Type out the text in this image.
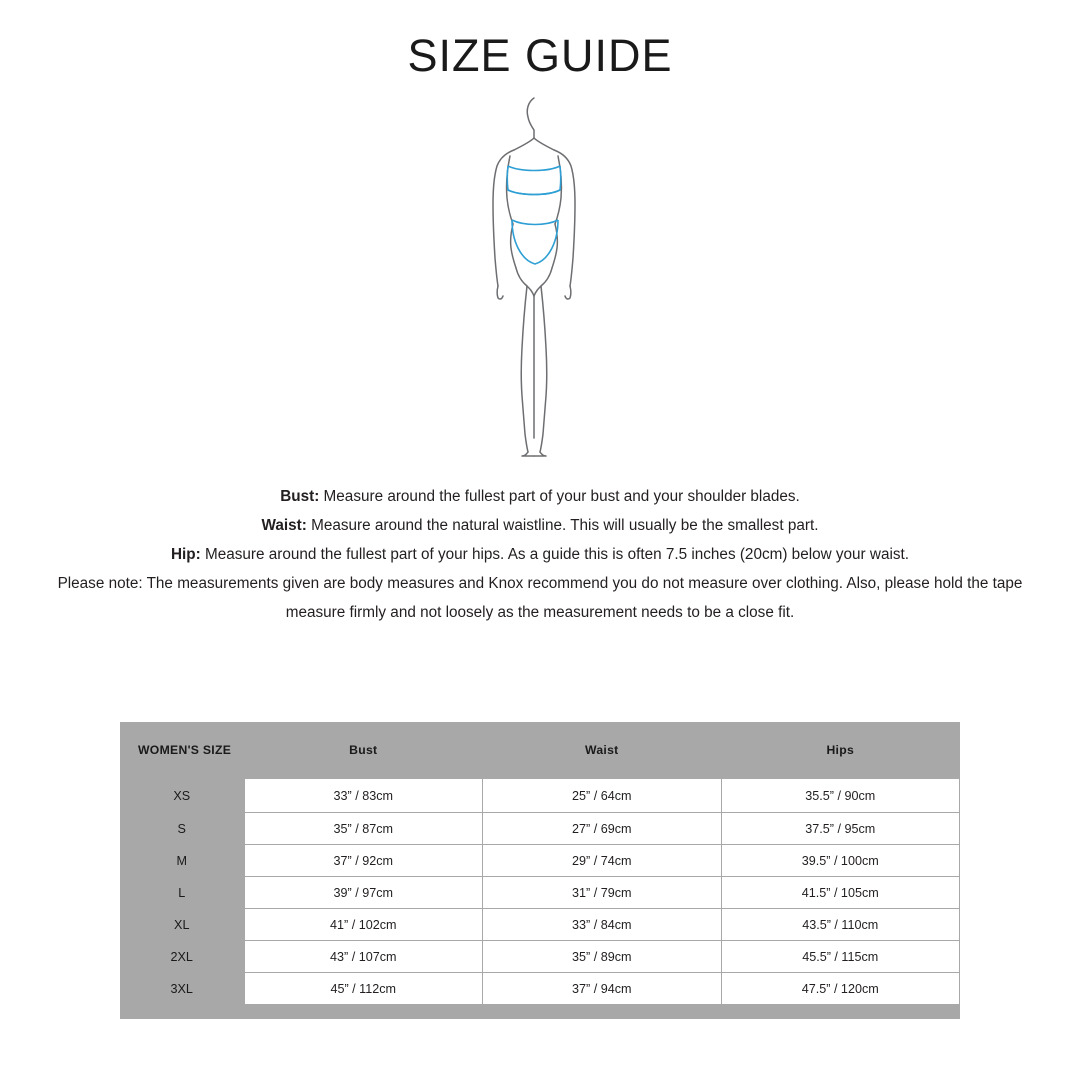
SIZE GUIDE
Bust: Measure around the fullest part of your bust and your shoulder blades.
Waist: Measure around the natural waistline. This will usually be the smallest part.
Hip: Measure around the fullest part of your hips. As a guide this is often 7.5 inches (20cm) below your waist.
Please note: The measurements given are body measures and Knox recommend you do not measure over clothing. Also, please hold the tape measure firmly and not loosely as the measurement needs to be a close fit.
WOMEN'S SIZE	Bust	Waist	Hips
XS	33” / 83cm	25” / 64cm	35.5” / 90cm
S	35” / 87cm	27” / 69cm	37.5” / 95cm
M	37” / 92cm	29” / 74cm	39.5” / 100cm
L	39” / 97cm	31” / 79cm	41.5” / 105cm
XL	41” / 102cm	33” / 84cm	43.5” / 110cm
2XL	43” / 107cm	35” / 89cm	45.5” / 115cm
3XL	45” / 112cm	37” / 94cm	47.5” / 120cm
